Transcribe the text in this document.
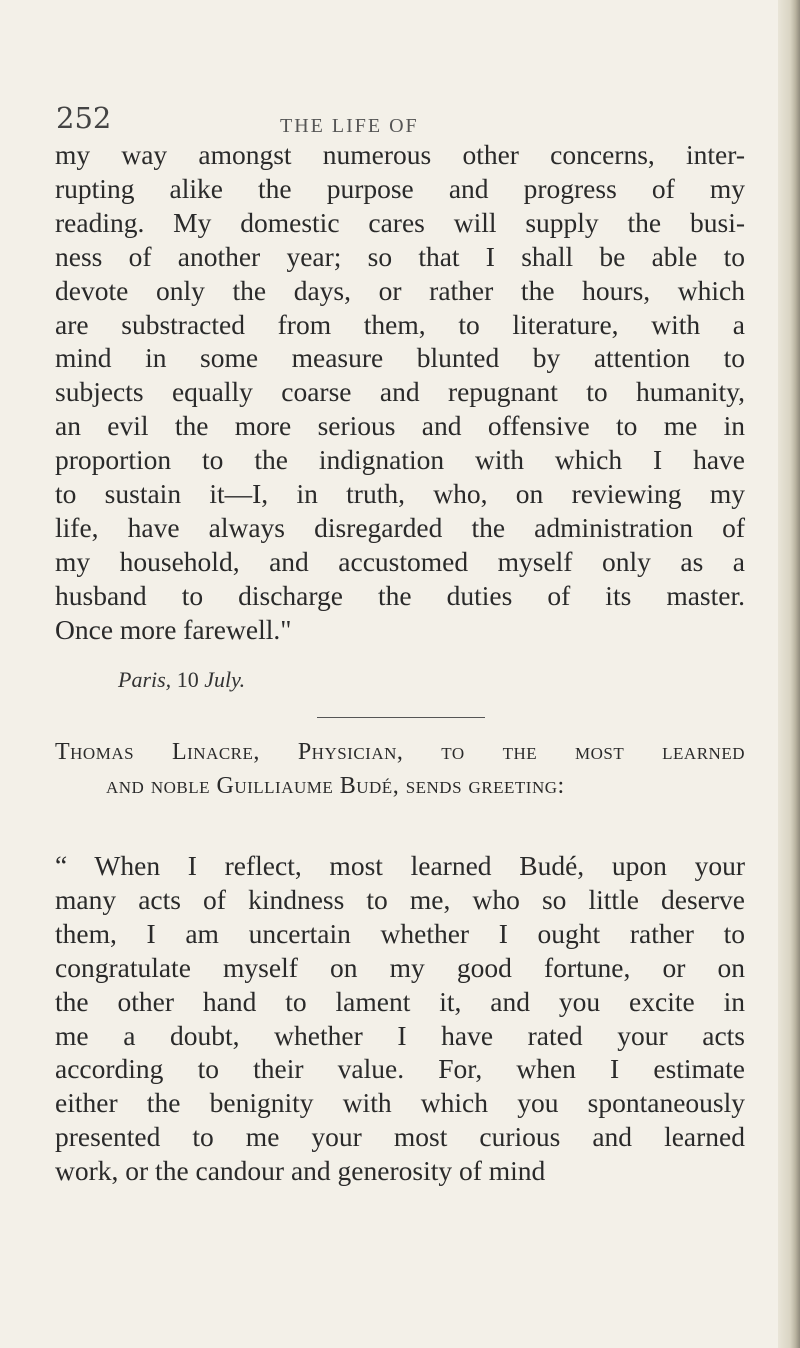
252	THE LIFE OF
my way amongst numerous other concerns, inter-
rupting alike the purpose and progress of my
reading. My domestic cares will supply the busi-
ness of another year; so that I shall be able to
devote only the days, or rather the hours, which
are substracted from them, to literature, with a
mind in some measure blunted by attention to
subjects equally coarse and repugnant to humanity,
an evil the more serious and offensive to me in
proportion to the indignation with which I have
to sustain it—I, in truth, who, on reviewing my
life, have always disregarded the administration of
my household, and accustomed myself only as a
husband to discharge the duties of its master.
Once more farewell."
Paris, 10 July.
Thomas Linacre, Physician, to the most learned
and noble Guilliaume Budé, sends greeting:
“ When I reflect, most learned Budé, upon your
many acts of kindness to me, who so little deserve
them, I am uncertain whether I ought rather to
congratulate myself on my good fortune, or on
the other hand to lament it, and you excite in
me a doubt, whether I have rated your acts
according to their value. For, when I estimate
either the benignity with which you spontaneously
presented to me your most curious and learned
work, or the candour and generosity of mind
